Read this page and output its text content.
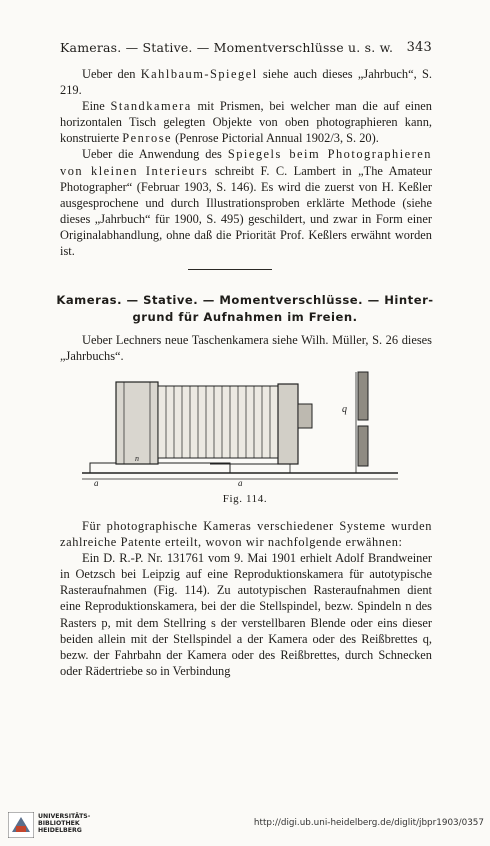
Kameras. — Stative. — Momentverschlüsse u. s. w. 343

Ueber den Kahlbaum-Spiegel siehe auch dieses „Jahrbuch“, S. 219.

Eine Standkamera mit Prismen, bei welcher man die auf einen horizontalen Tisch gelegten Objekte von oben photographieren kann, konstruierte Penrose (Penrose Pictorial Annual 1902/3, S. 20).

Ueber die Anwendung des Spiegels beim Photographieren von kleinen Interieurs schreibt F. C. Lambert in „The Amateur Photographer“ (Februar 1903, S. 146). Es wird die zuerst von H. Keßler ausgesprochene und durch Illustrationsproben erklärte Methode (siehe dieses „Jahrbuch“ für 1900, S. 495) geschildert, und zwar in Form einer Originalabhandlung, ohne daß die Priorität Prof. Keßlers erwähnt worden ist.

Kameras. — Stative. — Momentverschlüsse. — Hinter-
grund für Aufnahmen im Freien.

Ueber Lechners neue Taschenkamera siehe Wilh. Müller, S. 26 dieses „Jahrbuchs“.

q
a	a
n
Fig. 114.

Für photographische Kameras verschiedener Systeme wurden zahlreiche Patente erteilt, wovon wir nachfolgende erwähnen:

Ein D. R.-P. Nr. 131761 vom 9. Mai 1901 erhielt Adolf Brandweiner in Oetzsch bei Leipzig auf eine Reproduktionskamera für autotypische Rasteraufnahmen (Fig. 114). Zu autotypischen Rasteraufnahmen dient eine Reproduktionskamera, bei der die Stellspindel, bezw. Spindeln n des Rasters p, mit dem Stellring s der verstellbaren Blende oder eins dieser beiden allein mit der Stellspindel a der Kamera oder des Reißbrettes q, bezw. der Fahrbahn der Kamera oder des Reißbrettes, durch Schnecken oder Rädertriebe so in Verbindung

UNIVERSITÄTS-
BIBLIOTHEK
HEIDELBERG
http://digi.ub.uni-heidelberg.de/diglit/jbpr1903/0357
